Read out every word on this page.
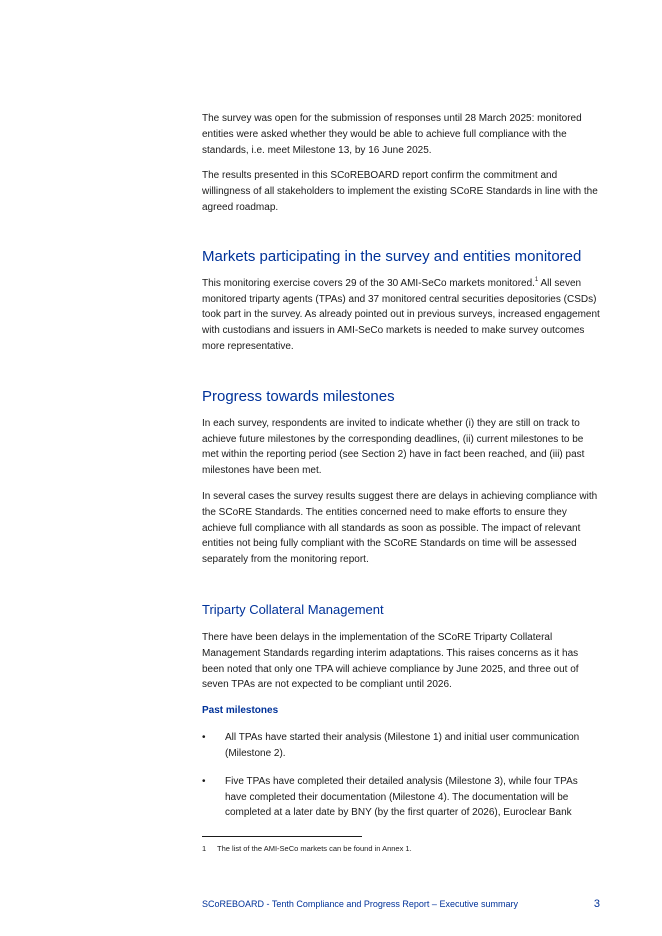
The survey was open for the submission of responses until 28 March 2025: monitored entities were asked whether they would be able to achieve full compliance with the standards, i.e. meet Milestone 13, by 16 June 2025.

The results presented in this SCoREBOARD report confirm the commitment and willingness of all stakeholders to implement the existing SCoRE Standards in line with the agreed roadmap.

Markets participating in the survey and entities monitored

This monitoring exercise covers 29 of the 30 AMI-SeCo markets monitored.$^1$ All seven monitored triparty agents (TPAs) and 37 monitored central securities depositories (CSDs) took part in the survey. As already pointed out in previous surveys, increased engagement with custodians and issuers in AMI-SeCo markets is needed to make survey outcomes more representative.

Progress towards milestones

In each survey, respondents are invited to indicate whether (i) they are still on track to achieve future milestones by the corresponding deadlines, (ii) current milestones to be met within the reporting period (see Section 2) have in fact been reached, and (iii) past milestones have been met.

In several cases the survey results suggest there are delays in achieving compliance with the SCoRE Standards. The entities concerned need to make efforts to ensure they achieve full compliance with all standards as soon as possible. The impact of relevant entities not being fully compliant with the SCoRE Standards on time will be assessed separately from the monitoring report.

Triparty Collateral Management

There have been delays in the implementation of the SCoRE Triparty Collateral Management Standards regarding interim adaptations. This raises concerns as it has been noted that only one TPA will achieve compliance by June 2025, and three out of seven TPAs are not expected to be compliant until 2026.

Past milestones
• All TPAs have started their analysis (Milestone 1) and initial user communication (Milestone 2).
• Five TPAs have completed their detailed analysis (Milestone 3), while four TPAs have completed their documentation (Milestone 4). The documentation will be completed at a later date by BNY (by the first quarter of 2026), Euroclear Bank
1 The list of the AMI-SeCo markets can be found in Annex 1.
SCoREBOARD - Tenth Compliance and Progress Report – Executive summary	3
